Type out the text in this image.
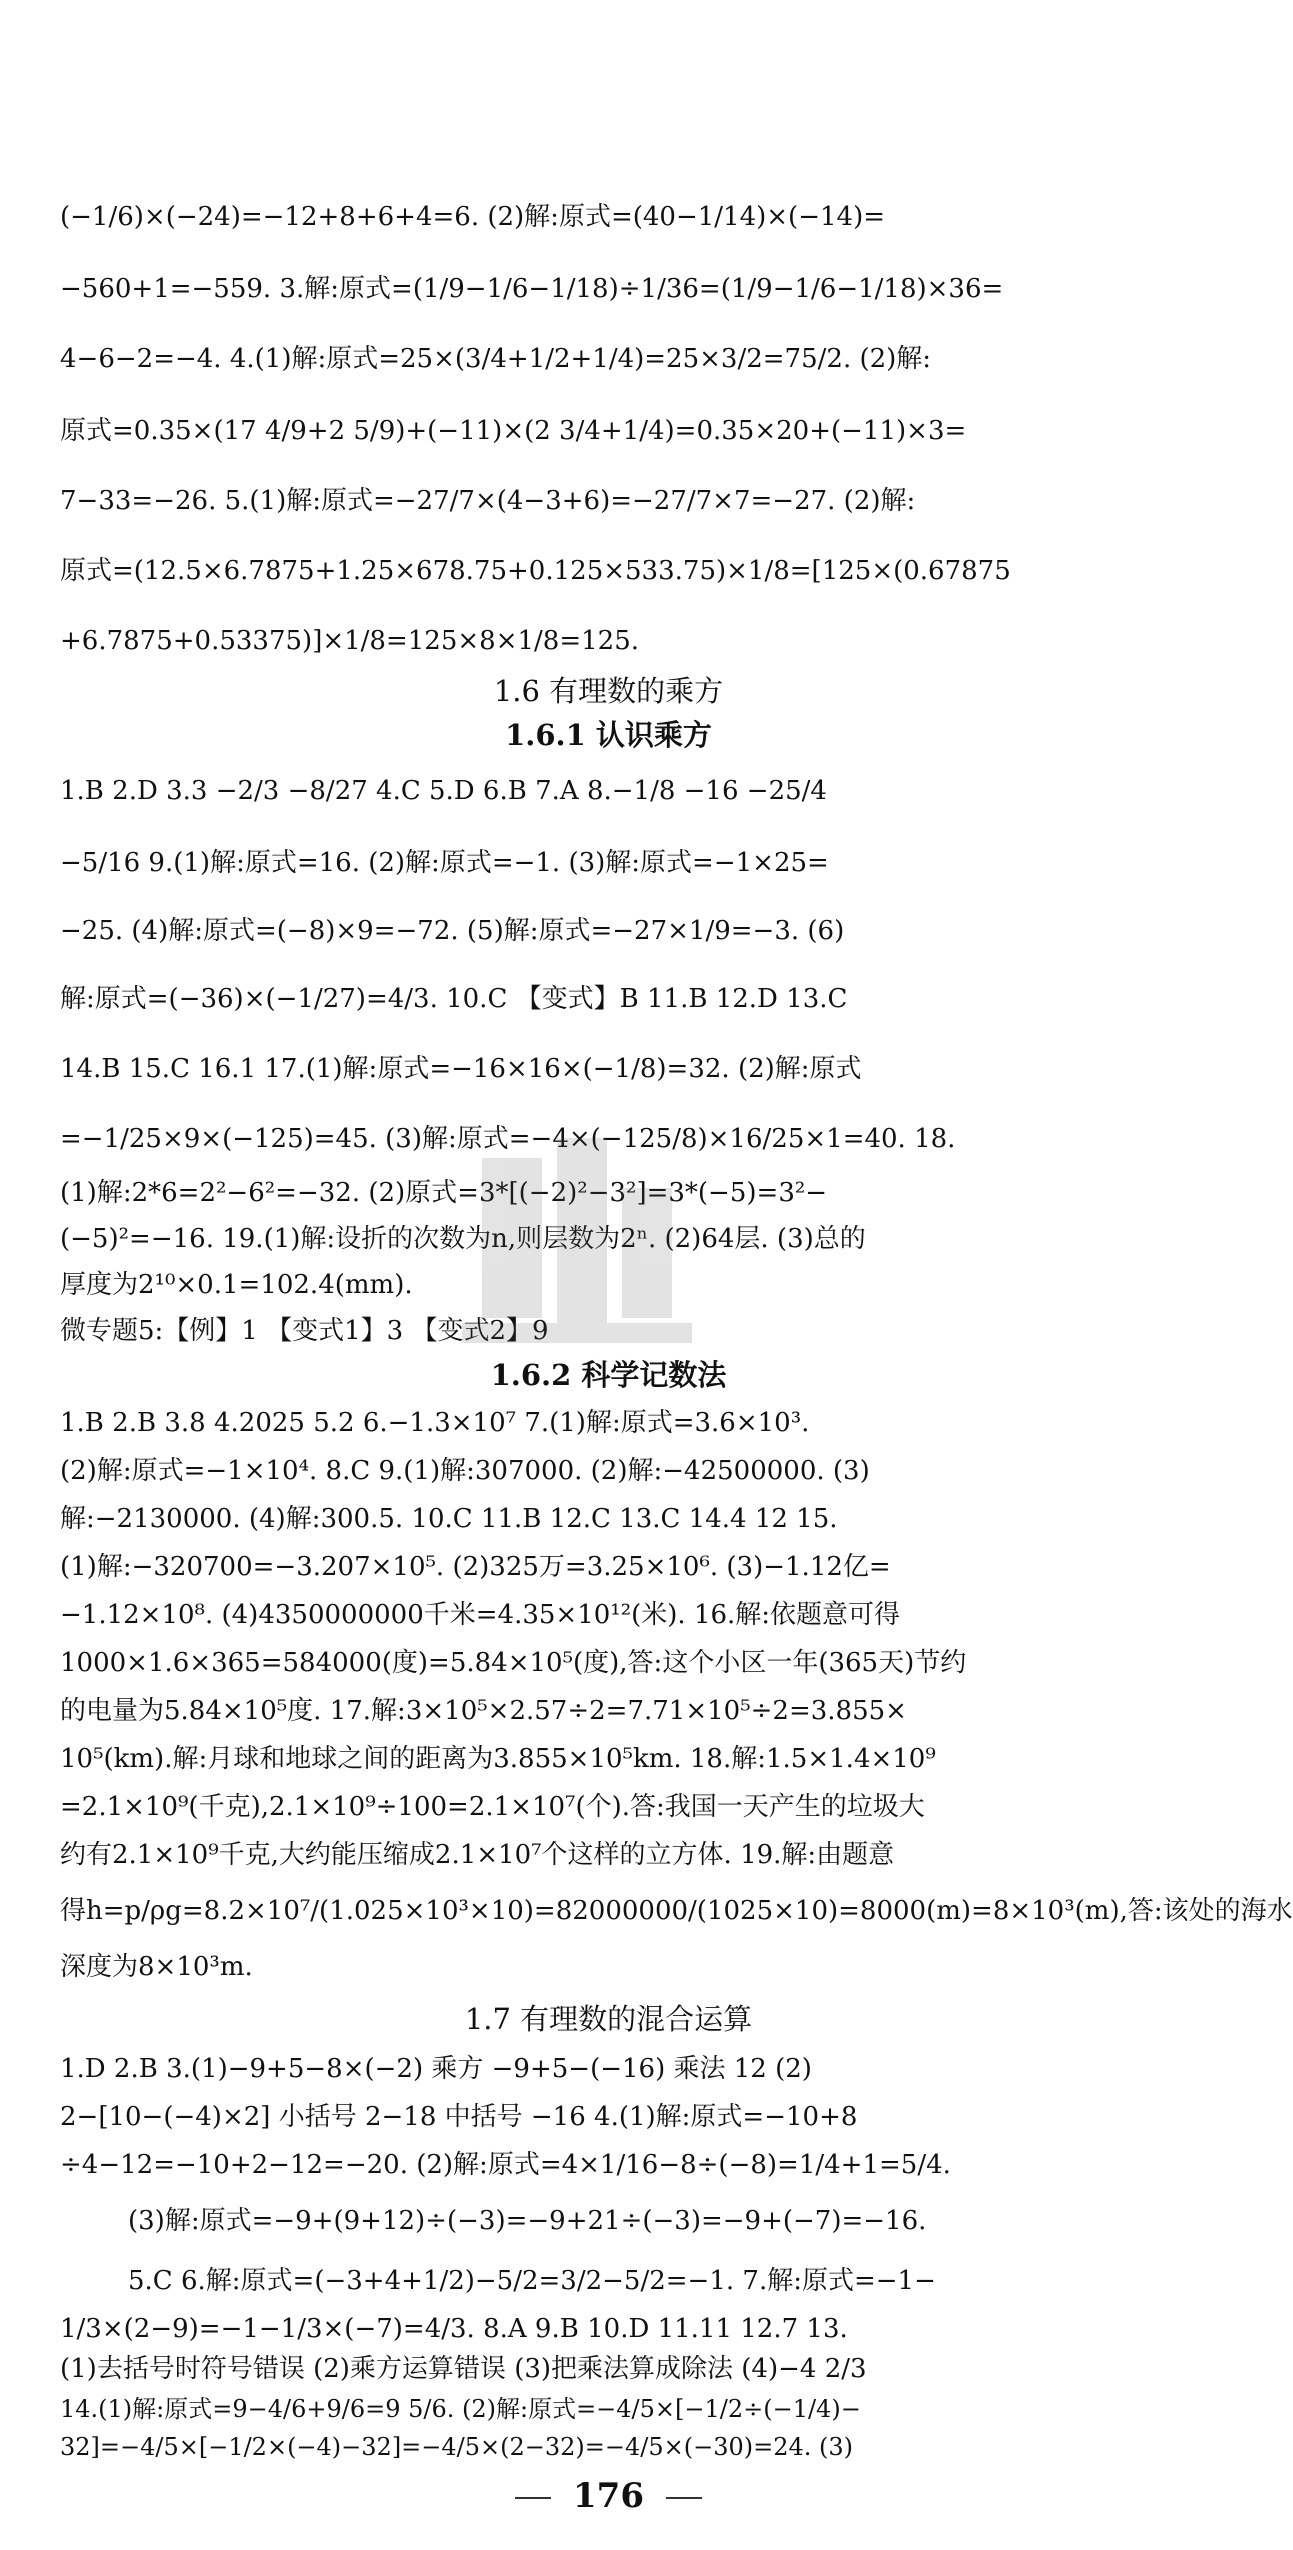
(−1/6)×(−24)=−12+8+6+4=6. (2)解:原式=(40−1/14)×(−14)=
−560+1=−559. 3.解:原式=(1/9−1/6−1/18)÷1/36=(1/9−1/6−1/18)×36=
4−6−2=−4. 4.(1)解:原式=25×(3/4+1/2+1/4)=25×3/2=75/2. (2)解:
原式=0.35×(17 4/9+2 5/9)+(−11)×(2 3/4+1/4)=0.35×20+(−11)×3=
7−33=−26. 5.(1)解:原式=−27/7×(4−3+6)=−27/7×7=−27. (2)解:
原式=(12.5×6.7875+1.25×678.75+0.125×533.75)×1/8=[125×(0.67875
+6.7875+0.53375)]×1/8=125×8×1/8=125.
1.6 有理数的乘方
1.6.1 认识乘方
1.B 2.D 3.3 −2/3 −8/27 4.C 5.D 6.B 7.A 8.−1/8 −16 −25/4
−5/16 9.(1)解:原式=16. (2)解:原式=−1. (3)解:原式=−1×25=
−25. (4)解:原式=(−8)×9=−72. (5)解:原式=−27×1/9=−3. (6)
解:原式=(−36)×(−1/27)=4/3. 10.C 【变式】B 11.B 12.D 13.C
14.B 15.C 16.1 17.(1)解:原式=−16×16×(−1/8)=32. (2)解:原式
=−1/25×9×(−125)=45. (3)解:原式=−4×(−125/8)×16/25×1=40. 18.
(1)解:2*6=2²−6²=−32. (2)原式=3*[(−2)²−3²]=3*(−5)=3²−
(−5)²=−16. 19.(1)解:设折的次数为n,则层数为2ⁿ. (2)64层. (3)总的
厚度为2¹⁰×0.1=102.4(mm).
微专题5:【例】1 【变式1】3 【变式2】9
1.6.2 科学记数法
1.B 2.B 3.8 4.2025 5.2 6.−1.3×10⁷ 7.(1)解:原式=3.6×10³.
(2)解:原式=−1×10⁴. 8.C 9.(1)解:307000. (2)解:−42500000. (3)
解:−2130000. (4)解:300.5. 10.C 11.B 12.C 13.C 14.4 12 15.
(1)解:−320700=−3.207×10⁵. (2)325万=3.25×10⁶. (3)−1.12亿=
−1.12×10⁸. (4)4350000000千米=4.35×10¹²(米). 16.解:依题意可得
1000×1.6×365=584000(度)=5.84×10⁵(度),答:这个小区一年(365天)节约
的电量为5.84×10⁵度. 17.解:3×10⁵×2.57÷2=7.71×10⁵÷2=3.855×
10⁵(km).解:月球和地球之间的距离为3.855×10⁵km. 18.解:1.5×1.4×10⁹
=2.1×10⁹(千克),2.1×10⁹÷100=2.1×10⁷(个).答:我国一天产生的垃圾大
约有2.1×10⁹千克,大约能压缩成2.1×10⁷个这样的立方体. 19.解:由题意
得h=p/ρg=8.2×10⁷/(1.025×10³×10)=82000000/(1025×10)=8000(m)=8×10³(m),答:该处的海水
深度为8×10³m.
1.7 有理数的混合运算
1.D 2.B 3.(1)−9+5−8×(−2) 乘方 −9+5−(−16) 乘法 12 (2)
2−[10−(−4)×2] 小括号 2−18 中括号 −16 4.(1)解:原式=−10+8
÷4−12=−10+2−12=−20. (2)解:原式=4×1/16−8÷(−8)=1/4+1=5/4.
(3)解:原式=−9+(9+12)÷(−3)=−9+21÷(−3)=−9+(−7)=−16.
5.C 6.解:原式=(−3+4+1/2)−5/2=3/2−5/2=−1. 7.解:原式=−1−
1/3×(2−9)=−1−1/3×(−7)=4/3. 8.A 9.B 10.D 11.11 12.7 13.
(1)去括号时符号错误 (2)乘方运算错误 (3)把乘法算成除法 (4)−4 2/3
14.(1)解:原式=9−4/6+9/6=9 5/6. (2)解:原式=−4/5×[−1/2÷(−1/4)−
32]=−4/5×[−1/2×(−4)−32]=−4/5×(2−32)=−4/5×(−30)=24. (3)
176
